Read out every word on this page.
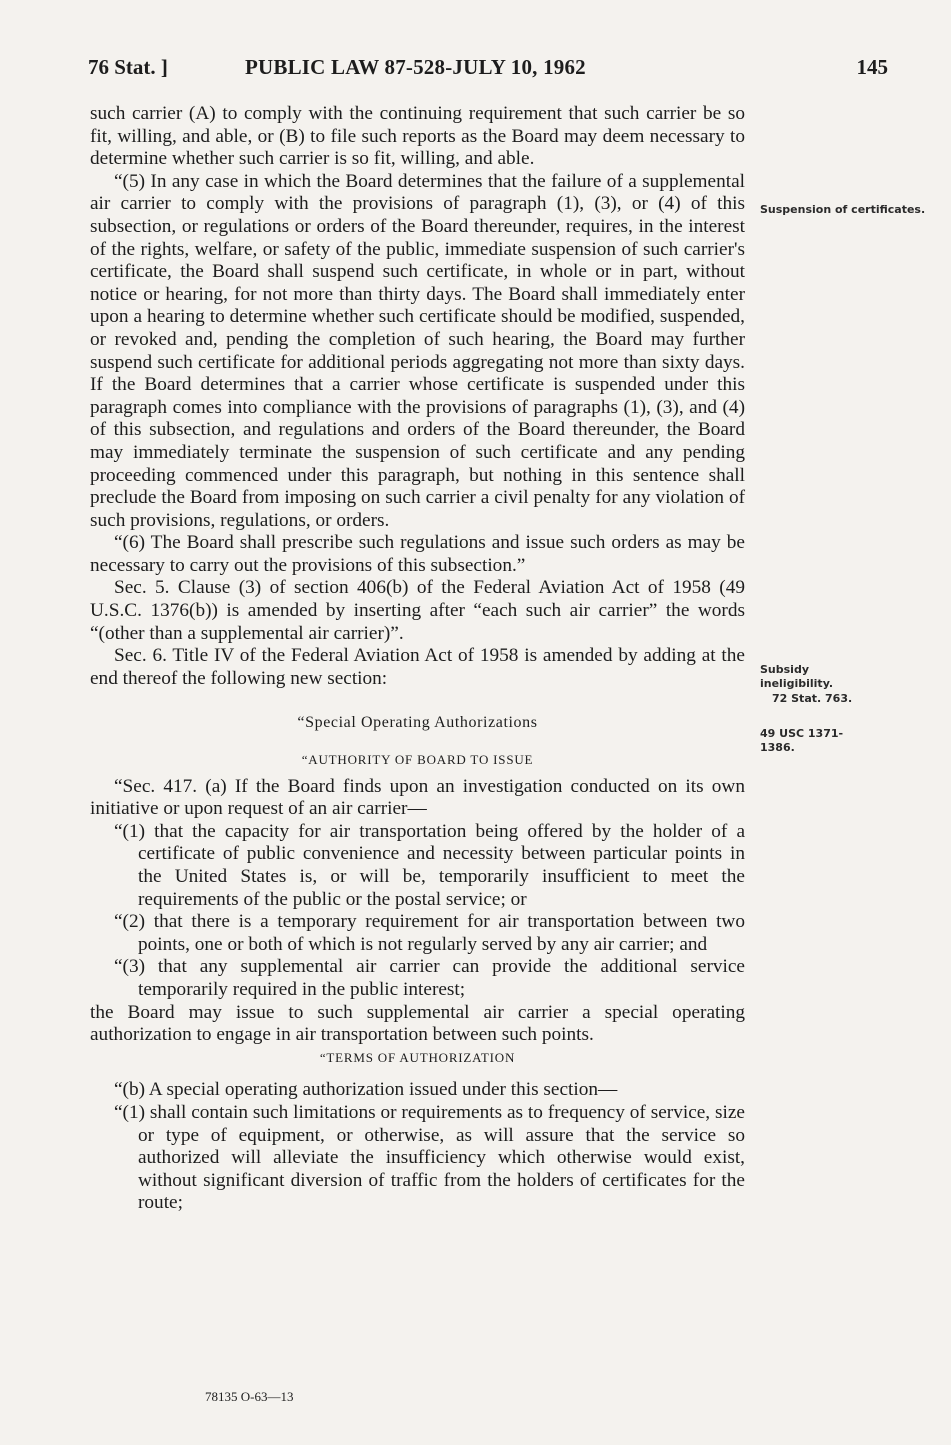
76 Stat. ]	PUBLIC LAW 87-528-JULY 10, 1962	145

such carrier (A) to comply with the continuing requirement that such carrier be so fit, willing, and able, or (B) to file such reports as the Board may deem necessary to determine whether such carrier is so fit, willing, and able.

“(5) In any case in which the Board determines that the failure of a supplemental air carrier to comply with the provisions of paragraph (1), (3), or (4) of this subsection, or regulations or orders of the Board thereunder, requires, in the interest of the rights, welfare, or safety of the public, immediate suspension of such carrier's certificate, the Board shall suspend such certificate, in whole or in part, without notice or hearing, for not more than thirty days. The Board shall immediately enter upon a hearing to determine whether such certificate should be modified, suspended, or revoked and, pending the completion of such hearing, the Board may further suspend such certificate for additional periods aggregating not more than sixty days. If the Board determines that a carrier whose certificate is suspended under this paragraph comes into compliance with the provisions of paragraphs (1), (3), and (4) of this subsection, and regulations and orders of the Board thereunder, the Board may immediately terminate the suspension of such certificate and any pending proceeding commenced under this paragraph, but nothing in this sentence shall preclude the Board from imposing on such carrier a civil penalty for any violation of such provisions, regulations, or orders.

“(6) The Board shall prescribe such regulations and issue such orders as may be necessary to carry out the provisions of this subsection.”

Sec. 5. Clause (3) of section 406(b) of the Federal Aviation Act of 1958 (49 U.S.C. 1376(b)) is amended by inserting after “each such air carrier” the words “(other than a supplemental air carrier)”.

Sec. 6. Title IV of the Federal Aviation Act of 1958 is amended by adding at the end thereof the following new section:

“Special Operating Authorizations

“AUTHORITY OF BOARD TO ISSUE

“Sec. 417. (a) If the Board finds upon an investigation conducted on its own initiative or upon request of an air carrier—

“(1) that the capacity for air transportation being offered by the holder of a certificate of public convenience and necessity between particular points in the United States is, or will be, temporarily insufficient to meet the requirements of the public or the postal service; or

“(2) that there is a temporary requirement for air transportation between two points, one or both of which is not regularly served by any air carrier; and

“(3) that any supplemental air carrier can provide the additional service temporarily required in the public interest;

the Board may issue to such supplemental air carrier a special operating authorization to engage in air transportation between such points.

“TERMS OF AUTHORIZATION

“(b) A special operating authorization issued under this section—

“(1) shall contain such limitations or requirements as to frequency of service, size or type of equipment, or otherwise, as will assure that the service so authorized will alleviate the insufficiency which otherwise would exist, without significant diversion of traffic from the holders of certificates for the route;

Suspension of certificates.
Subsidy ineligibility.
72 Stat. 763.
49 USC 1371-1386.
78135 O-63—13
